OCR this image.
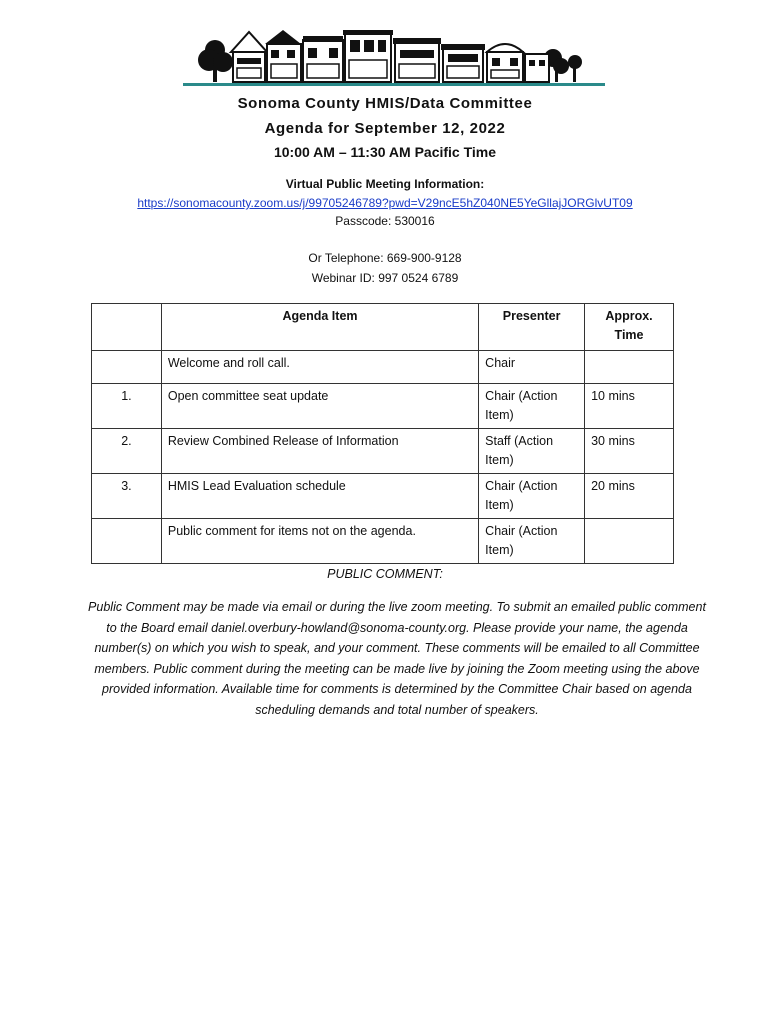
Sonoma County HMIS/Data Committee
Agenda for September 12, 2022
10:00 AM – 11:30 AM Pacific Time
Virtual Public Meeting Information:
https://sonomacounty.zoom.us/j/99705246789?pwd=V29ncE5hZ040NE5YeGllajJORGlvUT09
Passcode: 530016
Or Telephone: 669-900-9128
Webinar ID: 997 0524 6789
	Agenda Item	Presenter	Approx. Time
	Welcome and roll call.	Chair	
1.	Open committee seat update	Chair (Action Item)	10 mins
2.	Review Combined Release of Information	Staff (Action Item)	30 mins
3.	HMIS Lead Evaluation schedule	Chair (Action Item)	20 mins
	Public comment for items not on the agenda.	Chair (Action Item)	
PUBLIC COMMENT:
Public Comment may be made via email or during the live zoom meeting. To submit an emailed public comment to the Board email daniel.overbury-howland@sonoma-county.org. Please provide your name, the agenda number(s) on which you wish to speak, and your comment. These comments will be emailed to all Committee members. Public comment during the meeting can be made live by joining the Zoom meeting using the above provided information. Available time for comments is determined by the Committee Chair based on agenda scheduling demands and total number of speakers.
